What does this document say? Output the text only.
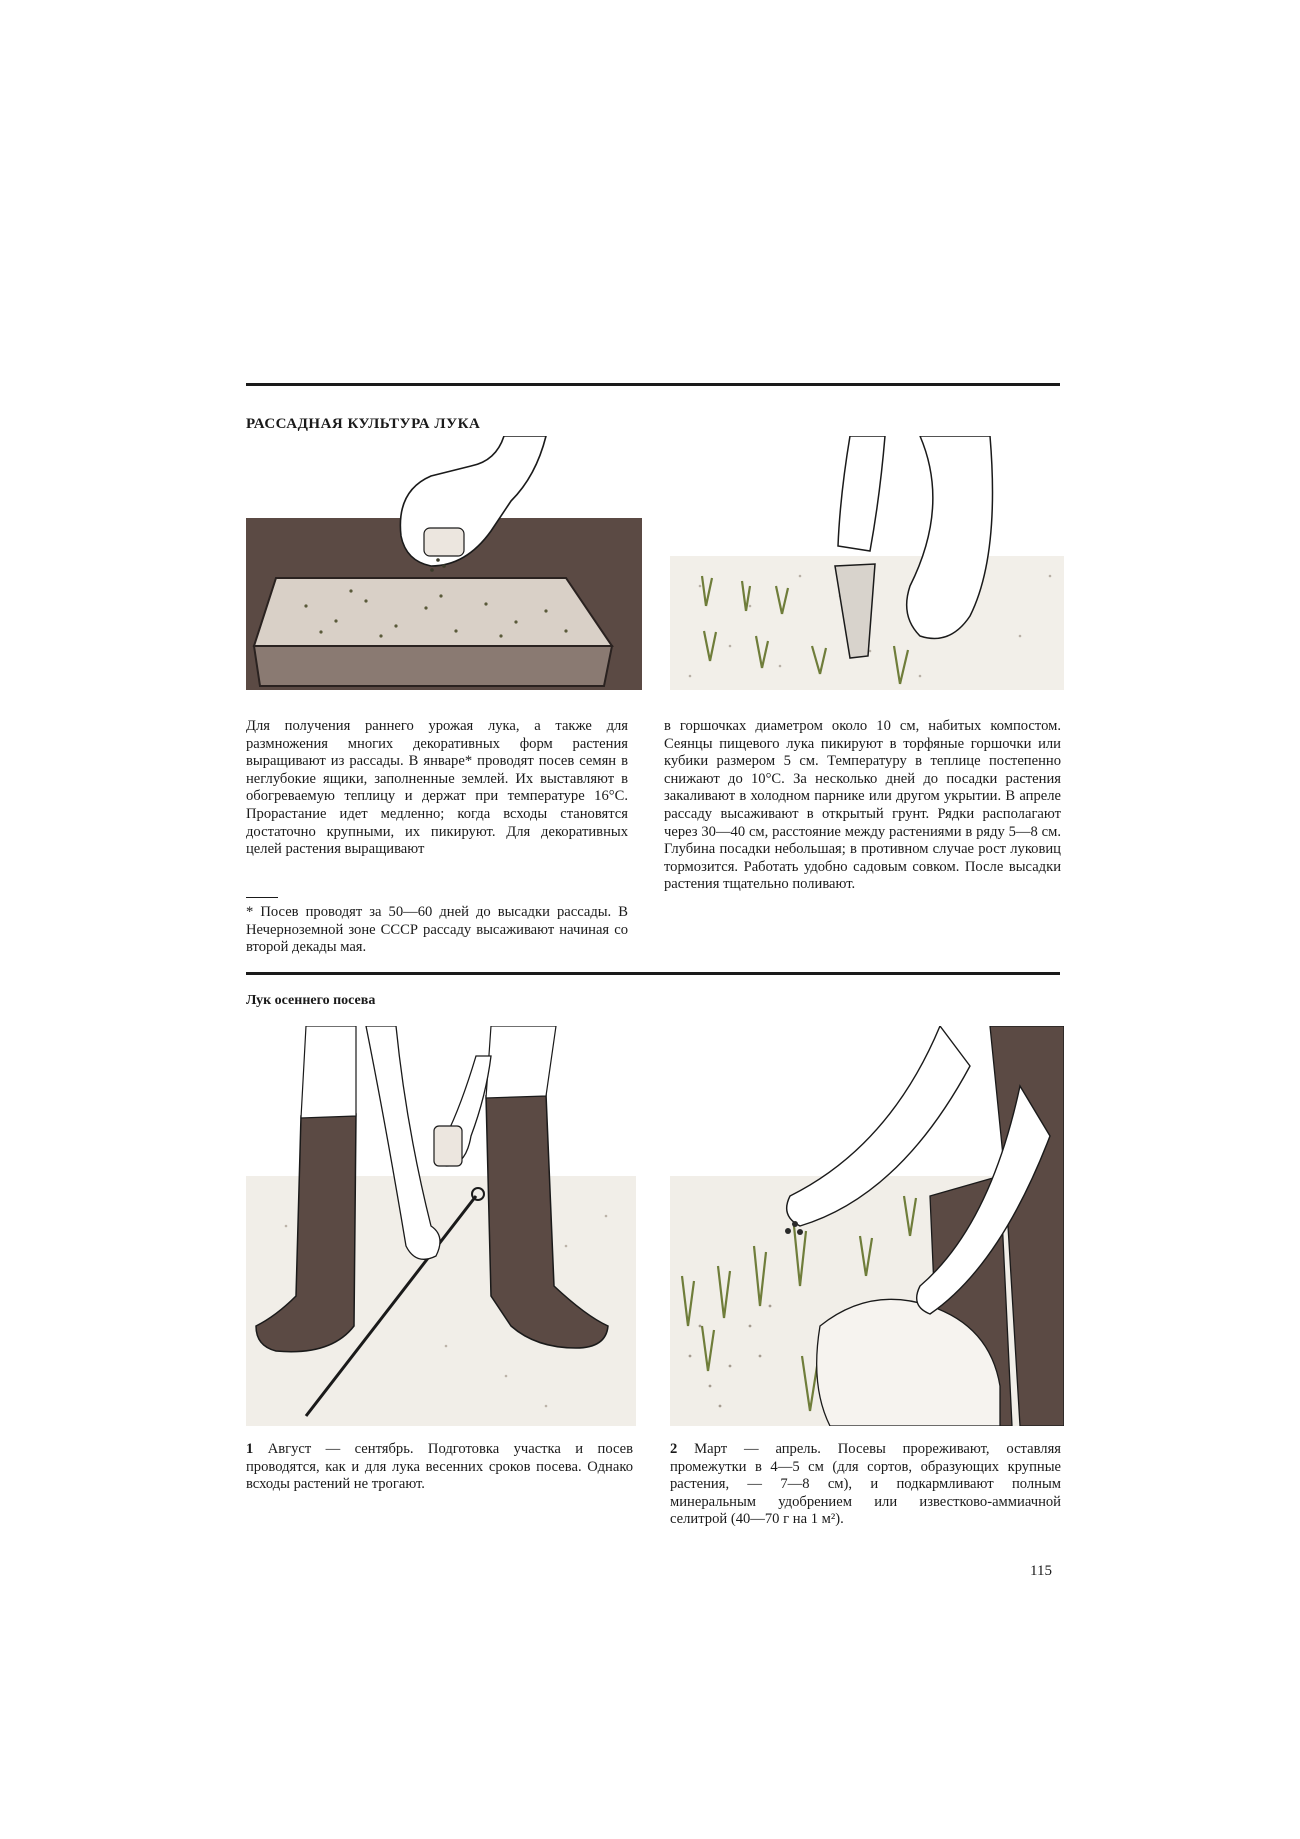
РАССАДНАЯ КУЛЬТУРА ЛУКА
Для получения раннего урожая лука, а также для размножения многих декоративных форм растения выращивают из рассады. В январе* проводят посев семян в неглубокие ящики, заполненные землей. Их выставляют в обогреваемую теплицу и держат при температуре 16°С. Прорастание идет медленно; когда всходы становятся достаточно крупными, их пикируют. Для декоративных целей растения выращивают
* Посев проводят за 50—60 дней до высадки рассады. В Нечерноземной зоне СССР рассаду высаживают начиная со второй декады мая.
в горшочках диаметром около 10 см, набитых компостом. Сеянцы пищевого лука пикируют в торфяные горшочки или кубики размером 5 см. Температуру в теплице постепенно снижают до 10°С. За несколько дней до посадки растения закаливают в холодном парнике или другом укрытии. В апреле рассаду высаживают в открытый грунт. Рядки располагают через 30—40 см, расстояние между растениями в ряду 5—8 см. Глубина посадки небольшая; в противном случае рост луковиц тормозится. Работать удобно садовым совком. После высадки растения тщательно поливают.
Лук осеннего посева
1 Август — сентябрь. Подготовка участка и посев проводятся, как и для лука весенних сроков посева. Однако всходы растений не трогают.
2 Март — апрель. Посевы прореживают, оставляя промежутки в 4—5 см (для сортов, образующих крупные растения, — 7—8 см), и подкармливают полным минеральным удобрением или известково-аммиачной селитрой (40—70 г на 1 м²).
115
